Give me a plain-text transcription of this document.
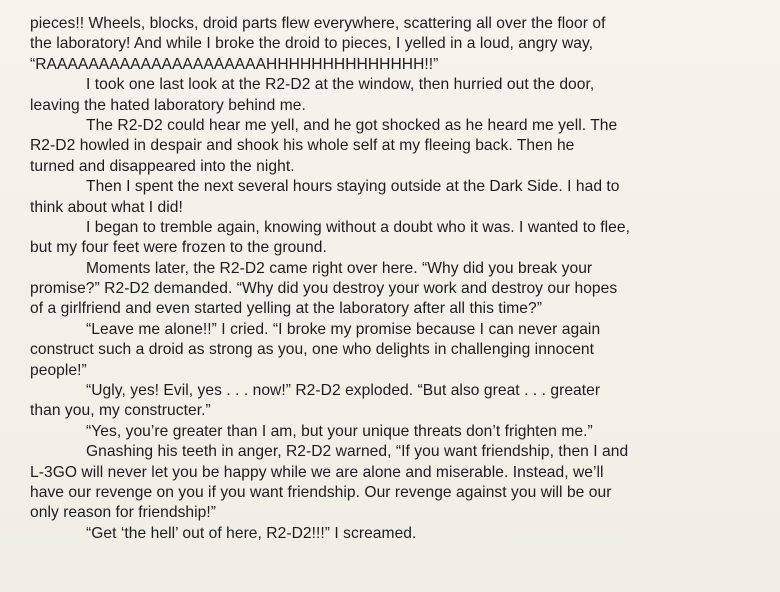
pieces!! Wheels, blocks, droid parts flew everywhere, scattering all over the floor of
the laboratory! And while I broke the droid to pieces, I yelled in a loud, angry way,
“RAAAAAAAAAAAAAAAAAAAAAHHHHHHHHHHHHHH!!”
I took one last look at the R2-D2 at the window, then hurried out the door,
leaving the hated laboratory behind me.
The R2-D2 could hear me yell, and he got shocked as he heard me yell. The
R2-D2 howled in despair and shook his whole self at my fleeing back. Then he
turned and disappeared into the night.
Then I spent the next several hours staying outside at the Dark Side. I had to
think about what I did!
I began to tremble again, knowing without a doubt who it was. I wanted to flee,
but my four feet were frozen to the ground.
Moments later, the R2-D2 came right over here. “Why did you break your
promise?” R2-D2 demanded. “Why did you destroy your work and destroy our hopes
of a girlfriend and even started yelling at the laboratory after all this time?”
“Leave me alone!!” I cried. “I broke my promise because I can never again
construct such a droid as strong as you, one who delights in challenging innocent
people!”
“Ugly, yes! Evil, yes . . . now!” R2-D2 exploded. “But also great . . . greater
than you, my constructer.”
“Yes, you’re greater than I am, but your unique threats don’t frighten me.”
Gnashing his teeth in anger, R2-D2 warned, “If you want friendship, then I and
L-3GO will never let you be happy while we are alone and miserable. Instead, we’ll
have our revenge on you if you want friendship. Our revenge against you will be our
only reason for friendship!”
“Get ‘the hell’ out of here, R2-D2!!!” I screamed.
